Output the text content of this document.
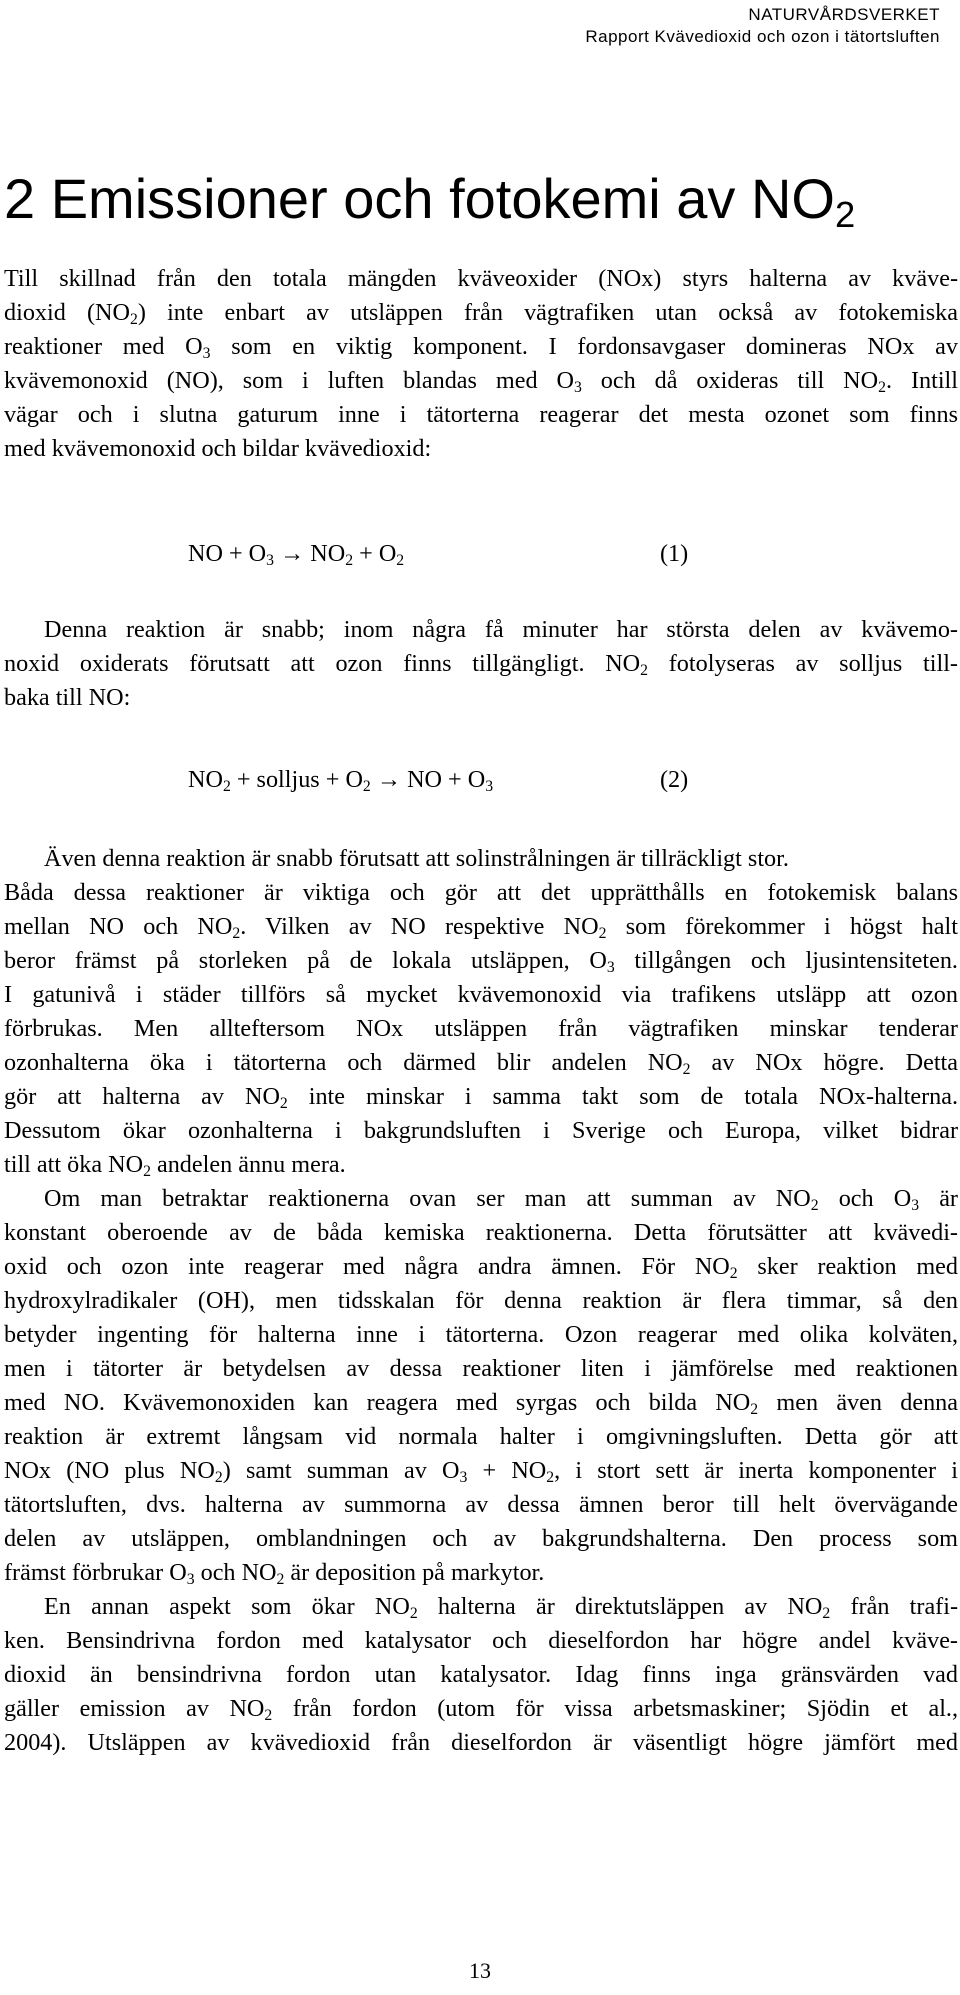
NATURVÅRDSVERKET
Rapport Kvävedioxid och ozon i tätortsluften
2 Emissioner och fotokemi av $NO_2$
Till skillnad från den totala mängden kväveoxider (NOx) styrs halterna av kväve-
dioxid $(NO_2)$ inte enbart av utsläppen från vägtrafiken utan också av fotokemiska
reaktioner med $O_3$ som en viktig komponent. I fordonsavgaser domineras NOx av
kvävemonoxid (NO), som i luften blandas med $O_3$ och då oxideras till $NO_2$. Intill
vägar och i slutna gaturum inne i tätorterna reagerar det mesta ozonet som finns
med kvävemonoxid och bildar kvävedioxid:
NO + $O_3 \to NO_2 + O_2$	(1)
Denna reaktion är snabb; inom några få minuter har största delen av kvävemo-
noxid oxiderats förutsatt att ozon finns tillgängligt. $NO_2$ fotolyseras av solljus till-
baka till NO:
$NO_2$ + solljus + $O_2$ → NO + $O_3$	(2)
Även denna reaktion är snabb förutsatt att solinstrålningen är tillräckligt stor.
Båda dessa reaktioner är viktiga och gör att det upprätthålls en fotokemisk balans
mellan NO och $NO_2$. Vilken av NO respektive $NO_2$ som förekommer i högst halt
beror främst på storleken på de lokala utsläppen, $O_3$ tillgången och ljusintensiteten.
I gatunivå i städer tillförs så mycket kvävemonoxid via trafikens utsläpp att ozon
förbrukas. Men allteftersom NOx utsläppen från vägtrafiken minskar tenderar
ozonhalterna öka i tätorterna och därmed blir andelen $NO_2$ av NOx högre. Detta
gör att halterna av $NO_2$ inte minskar i samma takt som de totala NOx-halterna.
Dessutom ökar ozonhalterna i bakgrundsluften i Sverige och Europa, vilket bidrar
till att öka $NO_2$ andelen ännu mera.
Om man betraktar reaktionerna ovan ser man att summan av $NO_2$ och $O_3$ är
konstant oberoende av de båda kemiska reaktionerna. Detta förutsätter att kvävedi-
oxid och ozon inte reagerar med några andra ämnen. För $NO_2$ sker reaktion med
hydroxylradikaler (OH), men tidsskalan för denna reaktion är flera timmar, så den
betyder ingenting för halterna inne i tätorterna. Ozon reagerar med olika kolväten,
men i tätorter är betydelsen av dessa reaktioner liten i jämförelse med reaktionen
med NO. Kvävemonoxiden kan reagera med syrgas och bilda $NO_2$ men även denna
reaktion är extremt långsam vid normala halter i omgivningsluften. Detta gör att
NOx (NO plus $NO_2$) samt summan av $O_3 + NO_2$, i stort sett är inerta komponenter i
tätortsluften, dvs. halterna av summorna av dessa ämnen beror till helt övervägande
delen av utsläppen, omblandningen och av bakgrundshalterna. Den process som
främst förbrukar $O_3$ och $NO_2$ är deposition på markytor.
En annan aspekt som ökar $NO_2$ halterna är direktutsläppen av $NO_2$ från trafi-
ken. Bensindrivna fordon med katalysator och dieselfordon har högre andel kväve-
dioxid än bensindrivna fordon utan katalysator. Idag finns inga gränsvärden vad
gäller emission av $NO_2$ från fordon (utom för vissa arbetsmaskiner; Sjödin et al.,
2004). Utsläppen av kvävedioxid från dieselfordon är väsentligt högre jämfört med
13
